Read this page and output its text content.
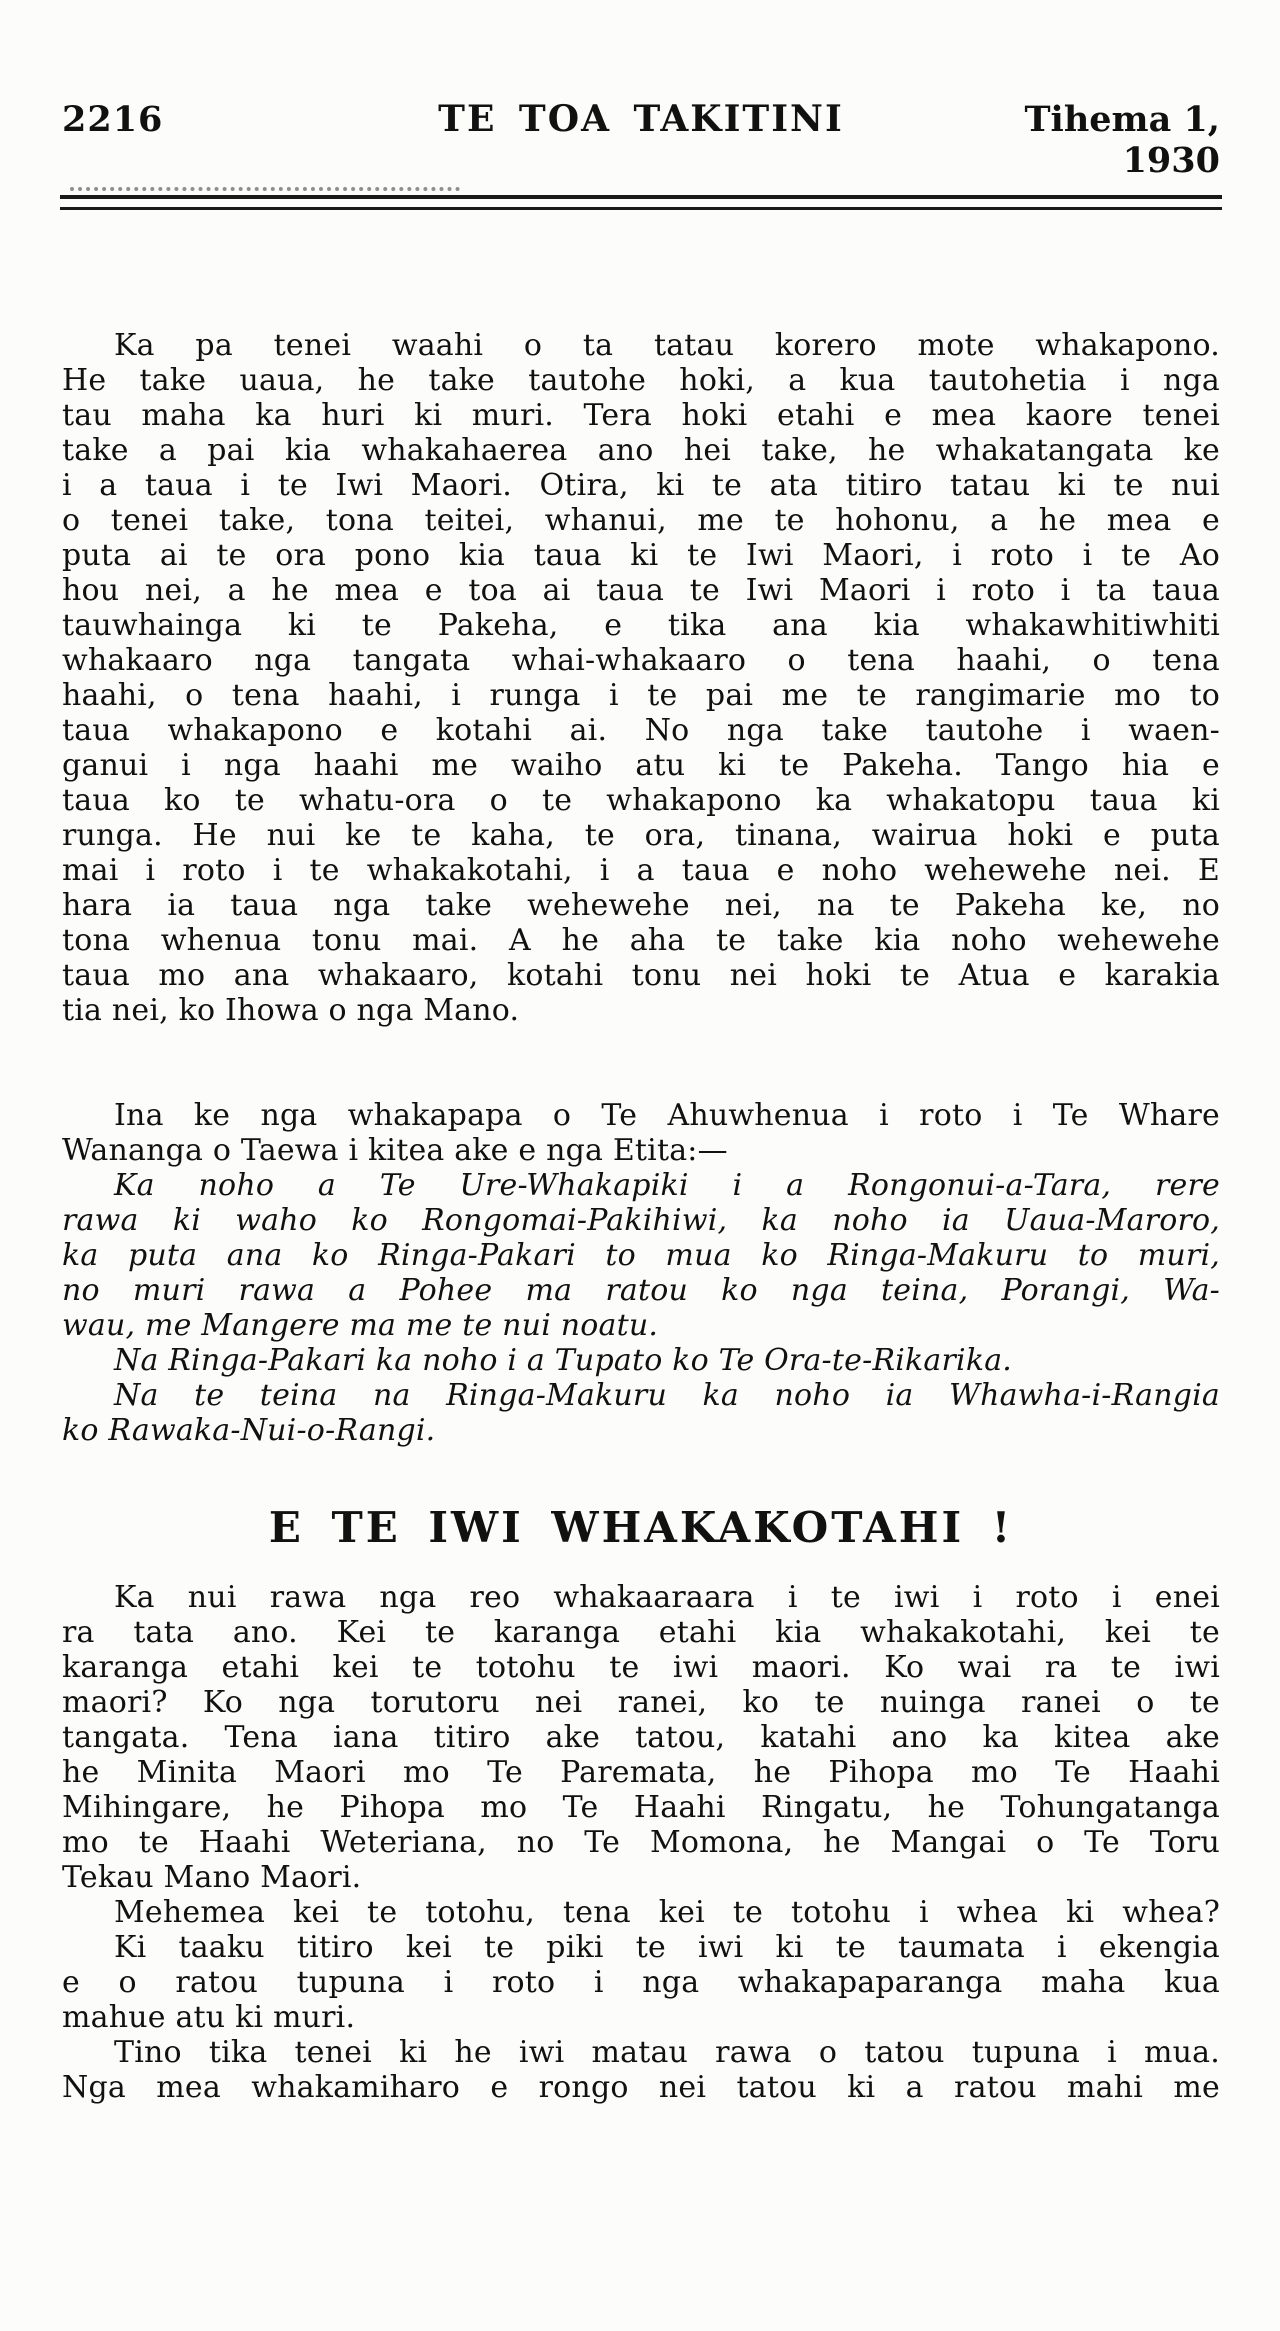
2216	TE TOA TAKITINI	Tihema 1, 1930
Ka pa tenei waahi o ta tatau korero mote whakapono.
He take uaua, he take tautohe hoki, a kua tautohetia i nga
tau maha ka huri ki muri. Tera hoki etahi e mea kaore tenei
take a pai kia whakahaerea ano hei take, he whakatangata ke
i a taua i te Iwi Maori. Otira, ki te ata titiro tatau ki te nui
o tenei take, tona teitei, whanui, me te hohonu, a he mea e
puta ai te ora pono kia taua ki te Iwi Maori, i roto i te Ao
hou nei, a he mea e toa ai taua te Iwi Maori i roto i ta taua
tauwhainga ki te Pakeha, e tika ana kia whakawhitiwhiti
whakaaro nga tangata whai-whakaaro o tena haahi, o tena
haahi, o tena haahi, i runga i te pai me te rangimarie mo to
taua whakapono e kotahi ai. No nga take tautohe i waen-
ganui i nga haahi me waiho atu ki te Pakeha. Tango hia e
taua ko te whatu-ora o te whakapono ka whakatopu taua ki
runga. He nui ke te kaha, te ora, tinana, wairua hoki e puta
mai i roto i te whakakotahi, i a taua e noho wehewehe nei. E
hara ia taua nga take wehewehe nei, na te Pakeha ke, no
tona whenua tonu mai. A he aha te take kia noho wehewehe
taua mo ana whakaaro, kotahi tonu nei hoki te Atua e karakia
tia nei, ko Ihowa o nga Mano.
Ina ke nga whakapapa o Te Ahuwhenua i roto i Te Whare
Wananga o Taewa i kitea ake e nga Etita:—
Ka noho a Te Ure-Whakapiki i a Rongonui-a-Tara, rere
rawa ki waho ko Rongomai-Pakihiwi, ka noho ia Uaua-Maroro,
ka puta ana ko Ringa-Pakari to mua ko Ringa-Makuru to muri,
no muri rawa a Pohee ma ratou ko nga teina, Porangi, Wa-
wau, me Mangere ma me te nui noatu.
Na Ringa-Pakari ka noho i a Tupato ko Te Ora-te-Rikarika.
Na te teina na Ringa-Makuru ka noho ia Whawha-i-Rangia
ko Rawaka-Nui-o-Rangi.
E TE IWI WHAKAKOTAHI !
Ka nui rawa nga reo whakaaraara i te iwi i roto i enei
ra tata ano. Kei te karanga etahi kia whakakotahi, kei te
karanga etahi kei te totohu te iwi maori. Ko wai ra te iwi
maori? Ko nga torutoru nei ranei, ko te nuinga ranei o te
tangata. Tena iana titiro ake tatou, katahi ano ka kitea ake
he Minita Maori mo Te Paremata, he Pihopa mo Te Haahi
Mihingare, he Pihopa mo Te Haahi Ringatu, he Tohungatanga
mo te Haahi Weteriana, no Te Momona, he Mangai o Te Toru
Tekau Mano Maori.
Mehemea kei te totohu, tena kei te totohu i whea ki whea?
Ki taaku titiro kei te piki te iwi ki te taumata i ekengia
e o ratou tupuna i roto i nga whakapaparanga maha kua
mahue atu ki muri.
Tino tika tenei ki he iwi matau rawa o tatou tupuna i mua.
Nga mea whakamiharo e rongo nei tatou ki a ratou mahi me
